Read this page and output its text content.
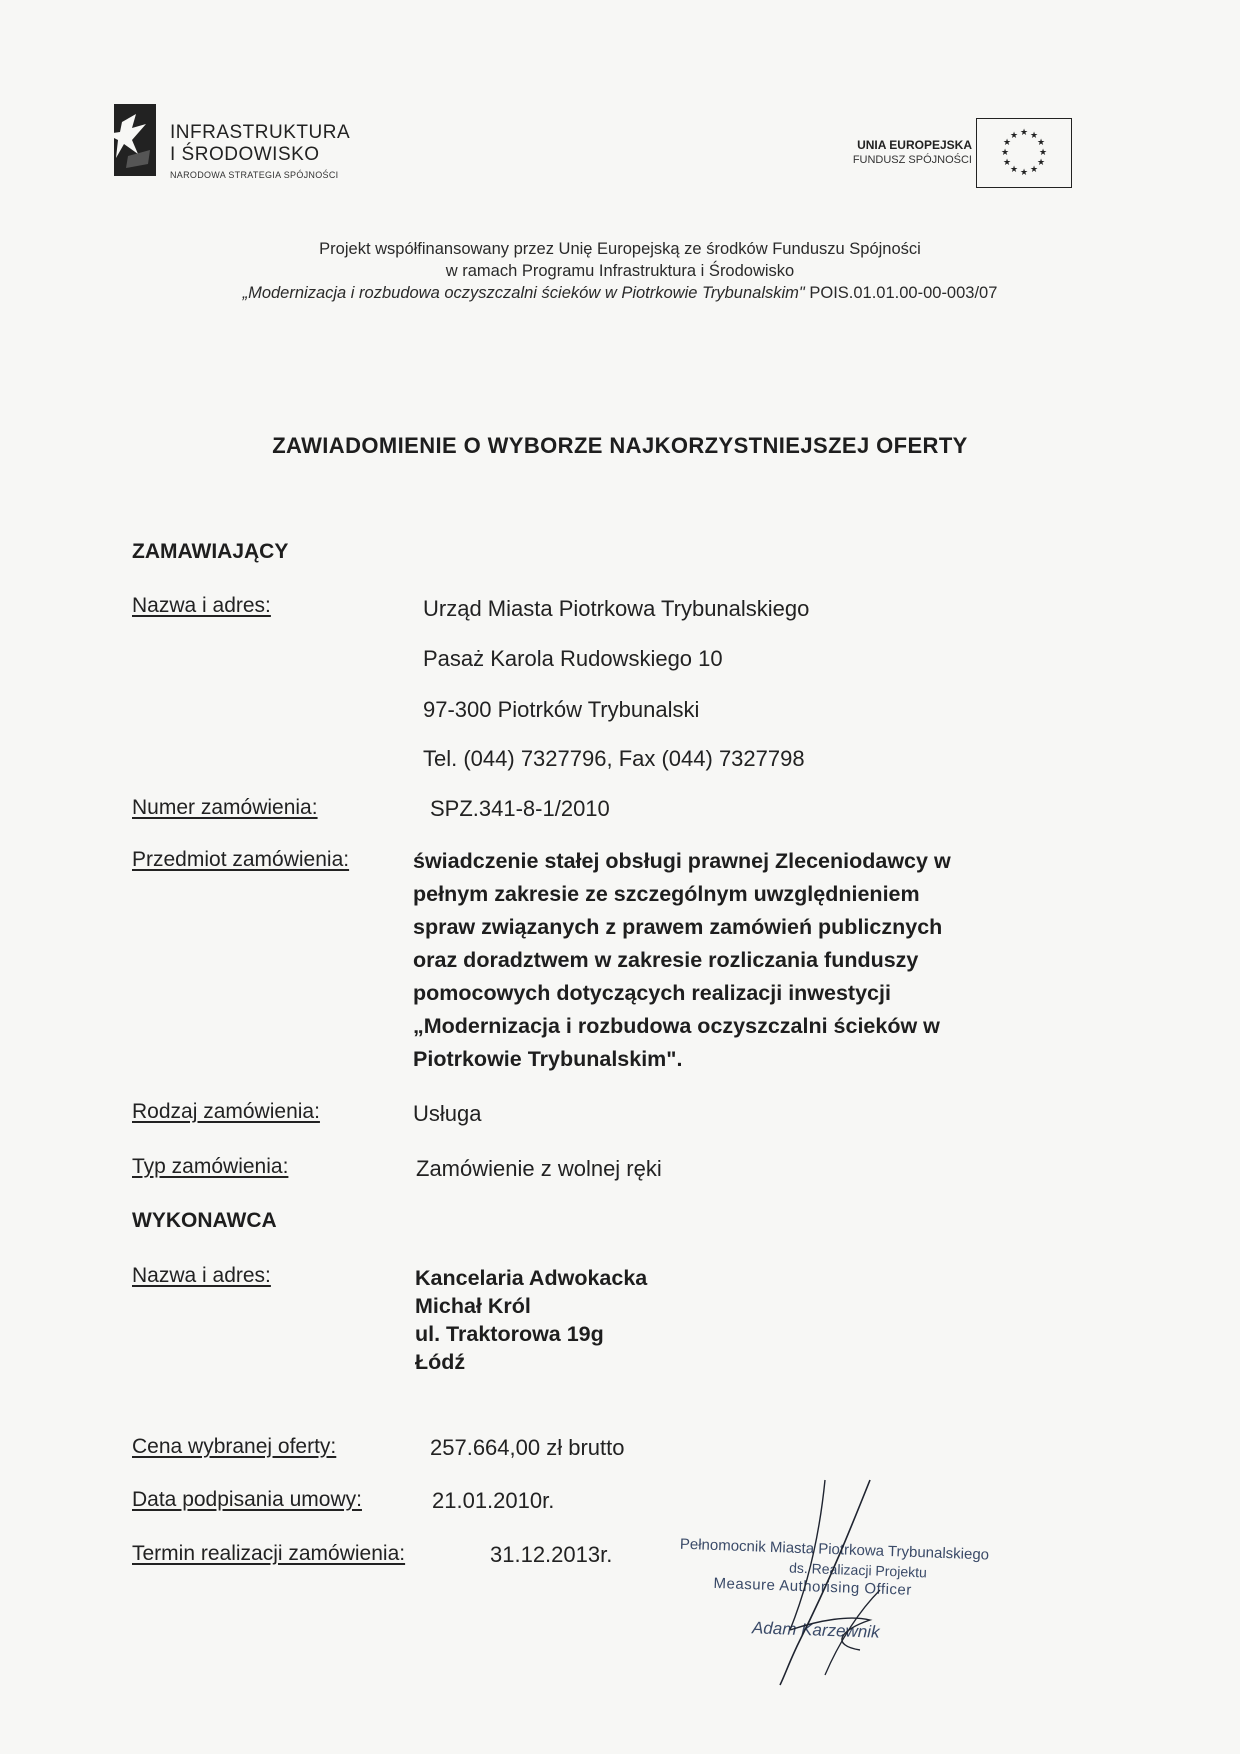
INFRASTRUKTURA
I ŚRODOWISKO
NARODOWA STRATEGIA SPÓJNOŚCI
UNIA EUROPEJSKA
FUNDUSZ SPÓJNOŚCI
★ ★
★
★
★
★
★
★
★
★
★
★
Projekt współfinansowany przez Unię Europejską ze środków Funduszu Spójności
w ramach Programu Infrastruktura i Środowisko
„Modernizacja i rozbudowa oczyszczalni ścieków w Piotrkowie Trybunalskim" POIS.01.01.00-00-003/07
ZAWIADOMIENIE O WYBORZE NAJKORZYSTNIEJSZEJ OFERTY
ZAMAWIAJĄCY
Nazwa i adres:	Urząd Miasta Piotrkowa Trybunalskiego
Pasaż Karola Rudowskiego 10
97-300 Piotrków Trybunalski
Tel. (044) 7327796, Fax (044) 7327798
Numer zamówienia:	SPZ.341-8-1/2010
Przedmiot zamówienia:	świadczenie stałej obsługi prawnej Zleceniodawcy w
pełnym zakresie ze szczególnym uwzględnieniem
spraw związanych z prawem zamówień publicznych
oraz doradztwem w zakresie rozliczania funduszy
pomocowych dotyczących realizacji inwestycji
„Modernizacja i rozbudowa oczyszczalni ścieków w
Piotrkowie Trybunalskim".
Rodzaj zamówienia:	Usługa
Typ zamówienia:	Zamówienie z wolnej ręki
WYKONAWCA
Nazwa i adres:	Kancelaria Adwokacka
Michał Król
ul. Traktorowa 19g
Łódź
Cena wybranej oferty:	257.664,00 zł brutto
Data podpisania umowy:	21.01.2010r.
Termin realizacji zamówienia:	31.12.2013r.	Pełnomocnik Miasta Piotrkowa Trybunalskiego
ds. Realizacji Projektu
Measure Authorising Officer
Adam Karzewnik
